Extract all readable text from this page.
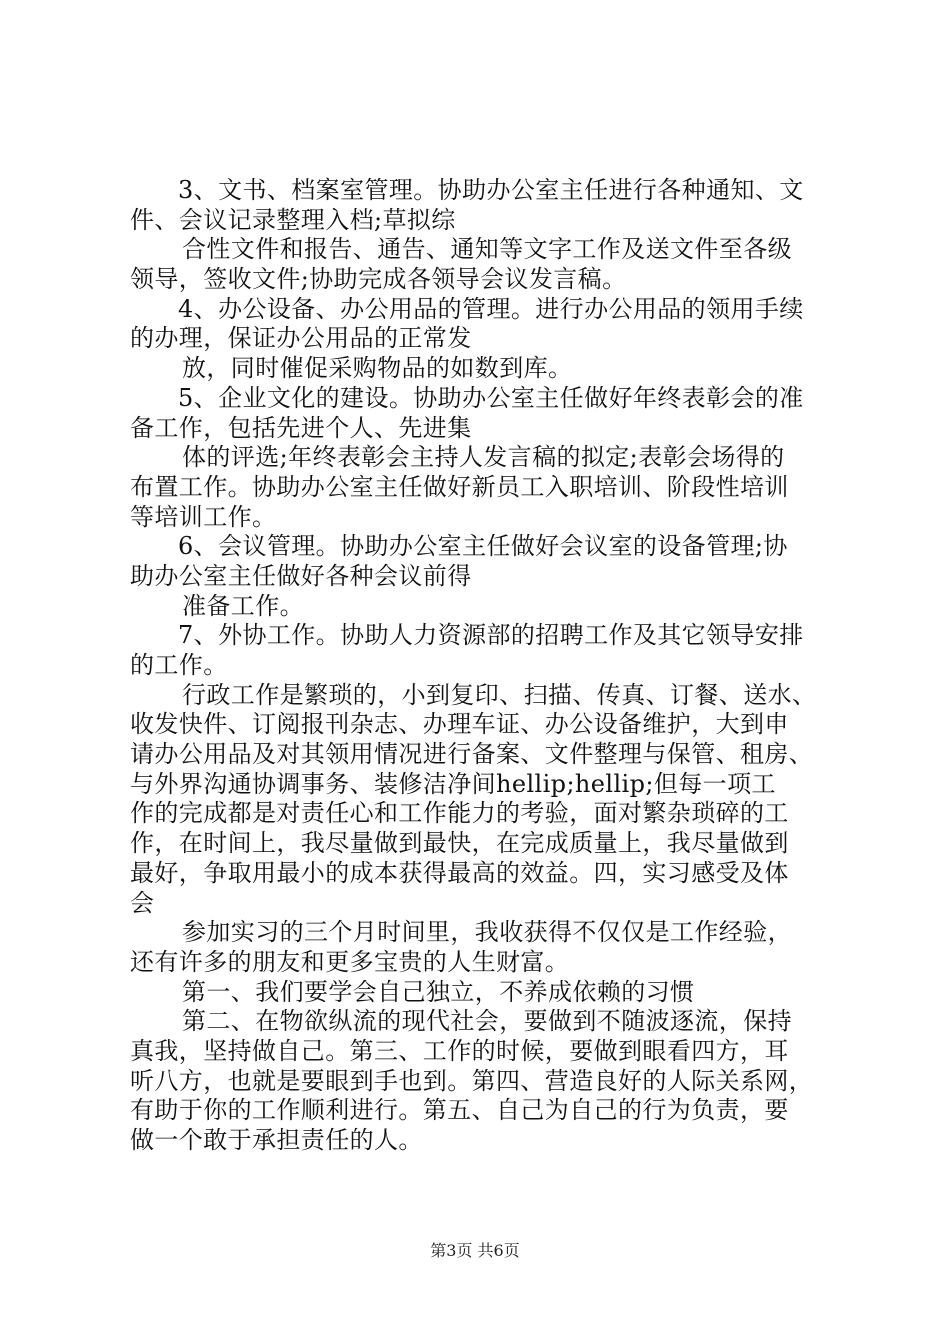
3、文书、档案室管理。协助办公室主任进行各种通知、文
件、会议记录整理入档;草拟综
合性文件和报告、通告、通知等文字工作及送文件至各级
领导，签收文件;协助完成各领导会议发言稿。
4、办公设备、办公用品的管理。进行办公用品的领用手续
的办理，保证办公用品的正常发
放，同时催促采购物品的如数到库。
5、企业文化的建设。协助办公室主任做好年终表彰会的准
备工作，包括先进个人、先进集
体的评选;年终表彰会主持人发言稿的拟定;表彰会场得的
布置工作。协助办公室主任做好新员工入职培训、阶段性培训
等培训工作。
6、会议管理。协助办公室主任做好会议室的设备管理;协
助办公室主任做好各种会议前得
准备工作。
7、外协工作。协助人力资源部的招聘工作及其它领导安排
的工作。
行政工作是繁琐的，小到复印、扫描、传真、订餐、送水、
收发快件、订阅报刊杂志、办理车证、办公设备维护，大到申
请办公用品及对其领用情况进行备案、文件整理与保管、租房、
与外界沟通协调事务、装修洁净间hellip;hellip;但每一项工
作的完成都是对责任心和工作能力的考验，面对繁杂琐碎的工
作，在时间上，我尽量做到最快，在完成质量上，我尽量做到
最好，争取用最小的成本获得最高的效益。四，实习感受及体
会
参加实习的三个月时间里，我收获得不仅仅是工作经验，
还有许多的朋友和更多宝贵的人生财富。
第一、我们要学会自己独立，不养成依赖的习惯
第二、在物欲纵流的现代社会，要做到不随波逐流，保持
真我，坚持做自己。第三、工作的时候，要做到眼看四方，耳
听八方，也就是要眼到手也到。第四、营造良好的人际关系网，
有助于你的工作顺利进行。第五、自己为自己的行为负责，要
做一个敢于承担责任的人。
第3页 共6页
